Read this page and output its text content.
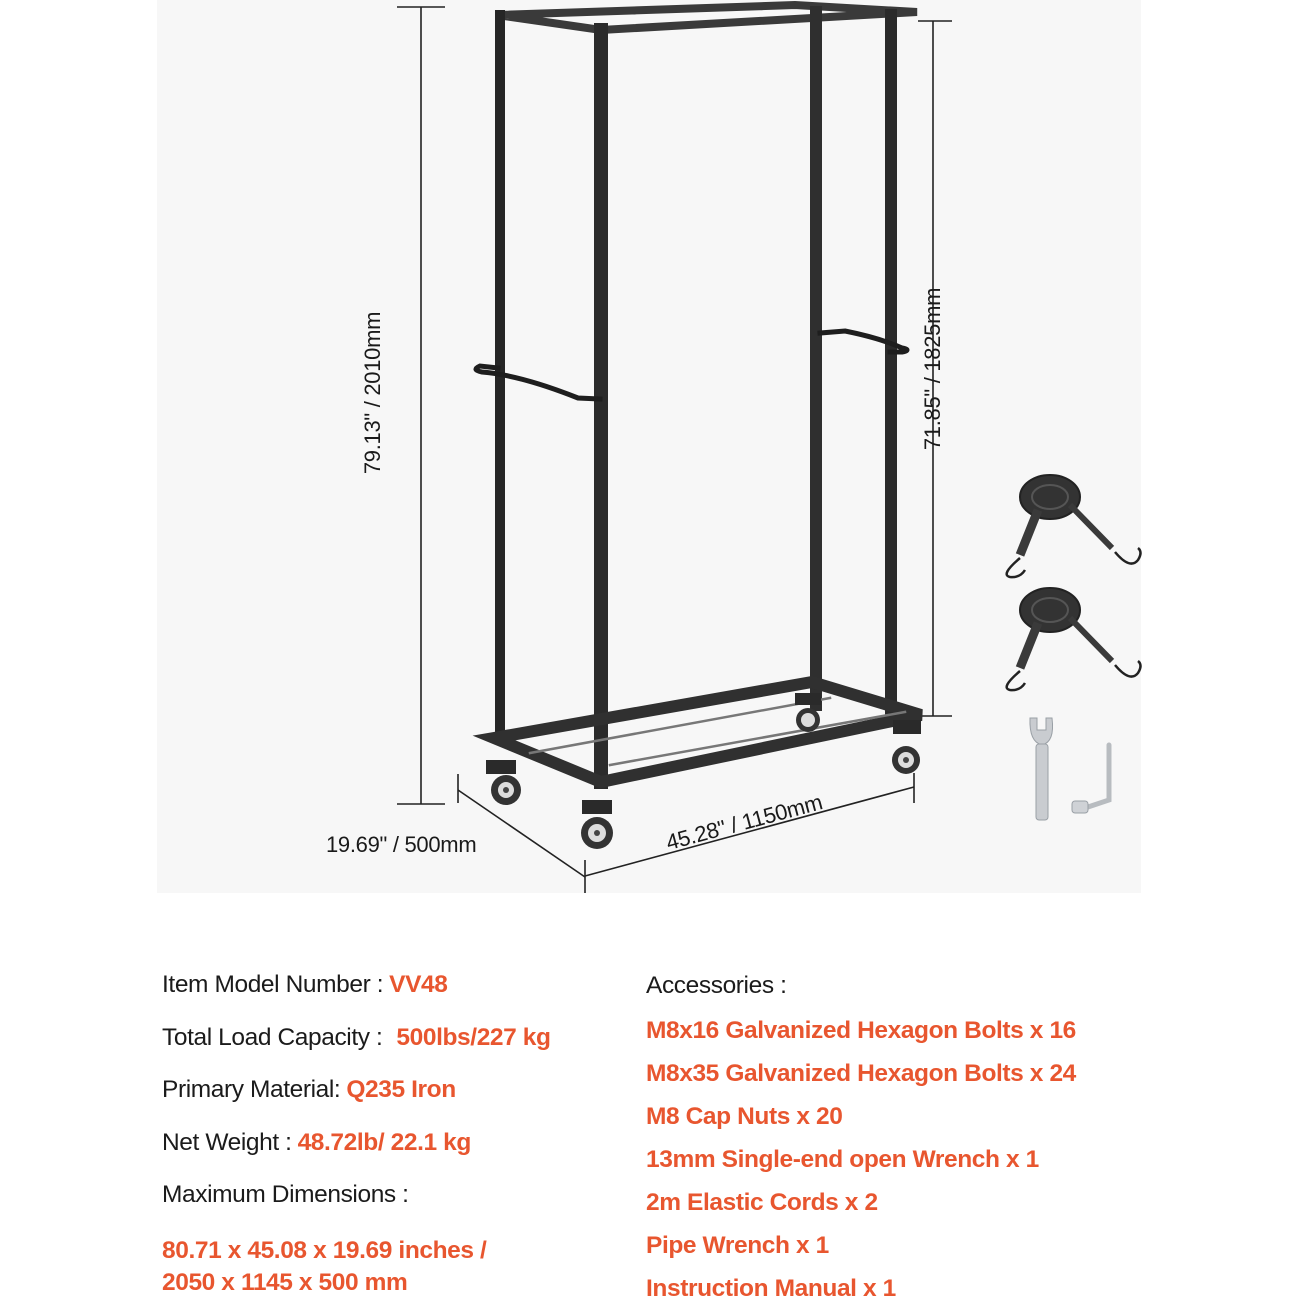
79.13" / 2010mm	71.85" / 1825mm
19.69" / 500mm	45.28" / 1150mm
Item Model Number : VV48
Total Load Capacity : 500lbs/227 kg
Primary Material: Q235 Iron
Net Weight : 48.72lb/ 22.1 kg
Maximum Dimensions :
80.71 x 45.08 x 19.69 inches /
2050 x 1145 x 500 mm
Accessories :
M8x16 Galvanized Hexagon Bolts x 16
M8x35 Galvanized Hexagon Bolts x 24
M8 Cap Nuts x 20
13mm Single-end open Wrench x 1
2m Elastic Cords x 2
Pipe Wrench x 1
Instruction Manual x 1
